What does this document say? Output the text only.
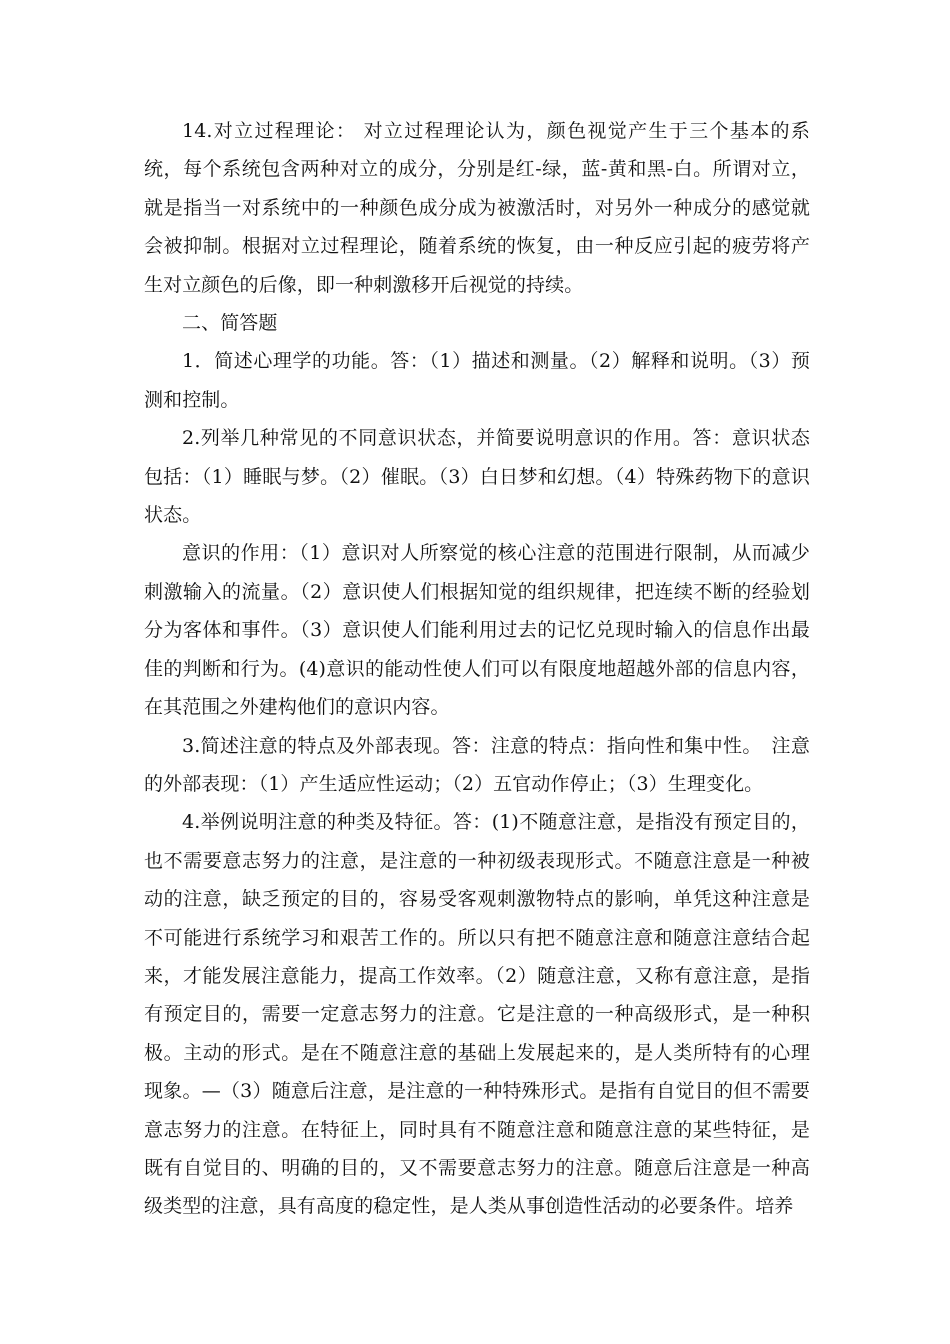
14.对立过程理论： 对立过程理论认为，颜色视觉产生于三个基本的系统，每个系统包含两种对立的成分，分别是红-绿，蓝-黄和黑-白。所谓对立，就是指当一对系统中的一种颜色成分成为被激活时，对另外一种成分的感觉就会被抑制。根据对立过程理论，随着系统的恢复，由一种反应引起的疲劳将产生对立颜色的后像，即一种刺激移开后视觉的持续。

二、简答题

1．简述心理学的功能。答：（1）描述和测量。（2）解释和说明。（3）预测和控制。

2.列举几种常见的不同意识状态，并简要说明意识的作用。答：意识状态包括：（1）睡眠与梦。（2）催眠。（3）白日梦和幻想。（4）特殊药物下的意识状态。

意识的作用：（1）意识对人所察觉的核心注意的范围进行限制，从而减少刺激输入的流量。（2）意识使人们根据知觉的组织规律，把连续不断的经验划分为客体和事件。（3）意识使人们能利用过去的记忆兑现时输入的信息作出最佳的判断和行为。(4)意识的能动性使人们可以有限度地超越外部的信息内容，在其范围之外建构他们的意识内容。

3.简述注意的特点及外部表现。答：注意的特点：指向性和集中性。　注意的外部表现：（1）产生适应性运动；（2）五官动作停止；（3）生理变化。

4.举例说明注意的种类及特征。答：(1)不随意注意，是指没有预定目的，也不需要意志努力的注意，是注意的一种初级表现形式。不随意注意是一种被动的注意，缺乏预定的目的，容易受客观刺激物特点的影响，单凭这种注意是不可能进行系统学习和艰苦工作的。所以只有把不随意注意和随意注意结合起来，才能发展注意能力，提高工作效率。（2）随意注意，又称有意注意，是指有预定目的，需要一定意志努力的注意。它是注意的一种高级形式，是一种积极。主动的形式。是在不随意注意的基础上发展起来的，是人类所特有的心理现象。—（3）随意后注意，是注意的一种特殊形式。是指有自觉目的但不需要意志努力的注意。在特征上，同时具有不随意注意和随意注意的某些特征，是既有自觉目的、明确的目的，又不需要意志努力的注意。随意后注意是一种高级类型的注意，具有高度的稳定性，是人类从事创造性活动的必要条件。培养
